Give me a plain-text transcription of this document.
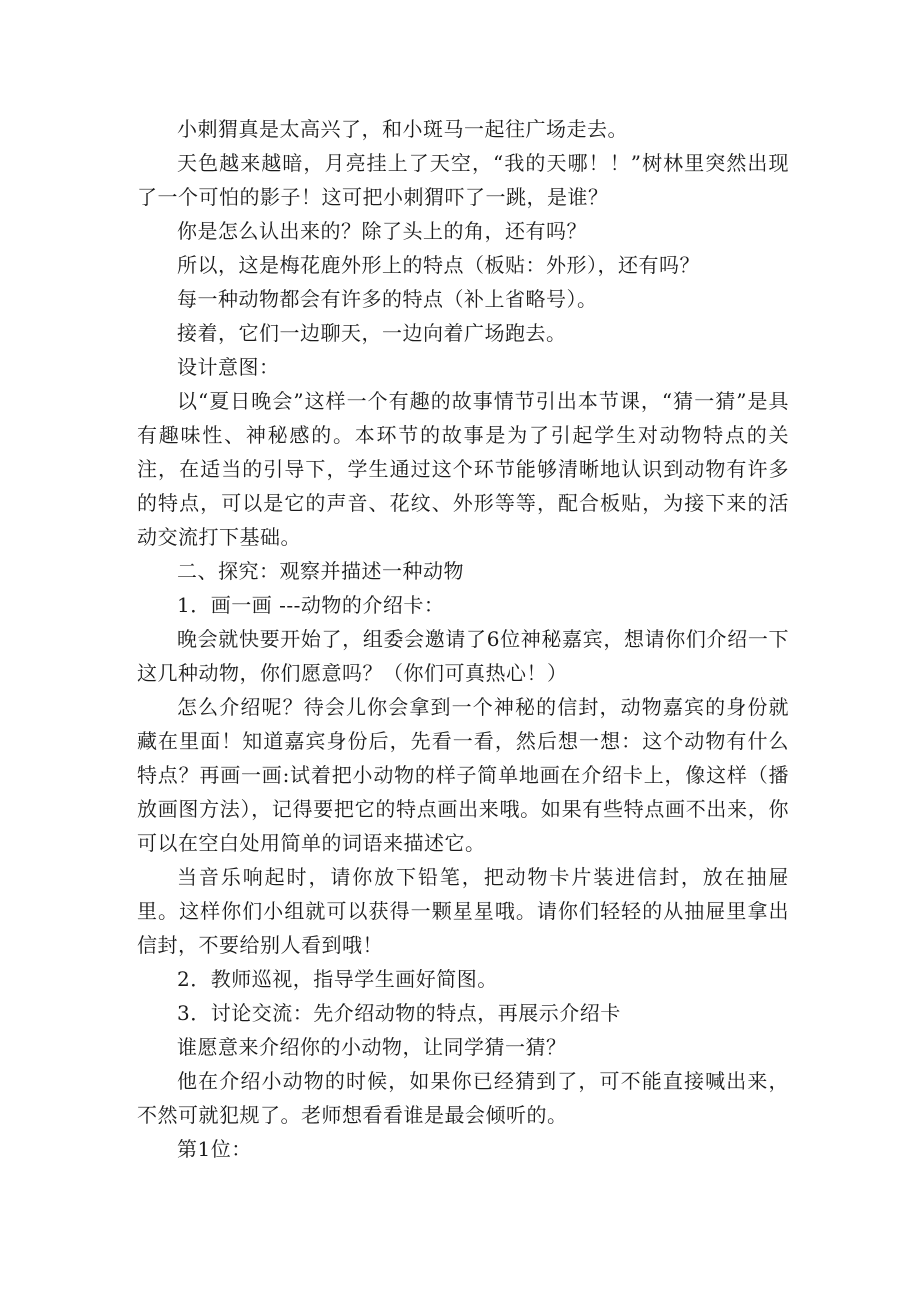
小刺猬真是太高兴了，和小斑马一起往广场走去。

天色越来越暗，月亮挂上了天空，“我的天哪！！”树林里突然出现了一个可怕的影子！这可把小刺猬吓了一跳，是谁？

你是怎么认出来的？除了头上的角，还有吗？

所以，这是梅花鹿外形上的特点（板贴：外形），还有吗？

每一种动物都会有许多的特点（补上省略号）。

接着，它们一边聊天，一边向着广场跑去。

设计意图：

以“夏日晚会”这样一个有趣的故事情节引出本节课，“猜一猜”是具有趣味性、神秘感的。本环节的故事是为了引起学生对动物特点的关注，在适当的引导下，学生通过这个环节能够清晰地认识到动物有许多的特点，可以是它的声音、花纹、外形等等，配合板贴，为接下来的活动交流打下基础。

二、探究：观察并描述一种动物

1．画一画 ---动物的介绍卡：

晚会就快要开始了，组委会邀请了6位神秘嘉宾，想请你们介绍一下这几种动物，你们愿意吗？（你们可真热心！）

怎么介绍呢？待会儿你会拿到一个神秘的信封，动物嘉宾的身份就藏在里面！知道嘉宾身份后，先看一看，然后想一想：这个动物有什么特点？再画一画:试着把小动物的样子简单地画在介绍卡上，像这样（播放画图方法），记得要把它的特点画出来哦。如果有些特点画不出来，你可以在空白处用简单的词语来描述它。

当音乐响起时，请你放下铅笔，把动物卡片装进信封，放在抽屉里。这样你们小组就可以获得一颗星星哦。请你们轻轻的从抽屉里拿出信封，不要给别人看到哦！

2．教师巡视，指导学生画好简图。

3．讨论交流：先介绍动物的特点，再展示介绍卡

谁愿意来介绍你的小动物，让同学猜一猜？

他在介绍小动物的时候，如果你已经猜到了，可不能直接喊出来，不然可就犯规了。老师想看看谁是最会倾听的。

第1位：
